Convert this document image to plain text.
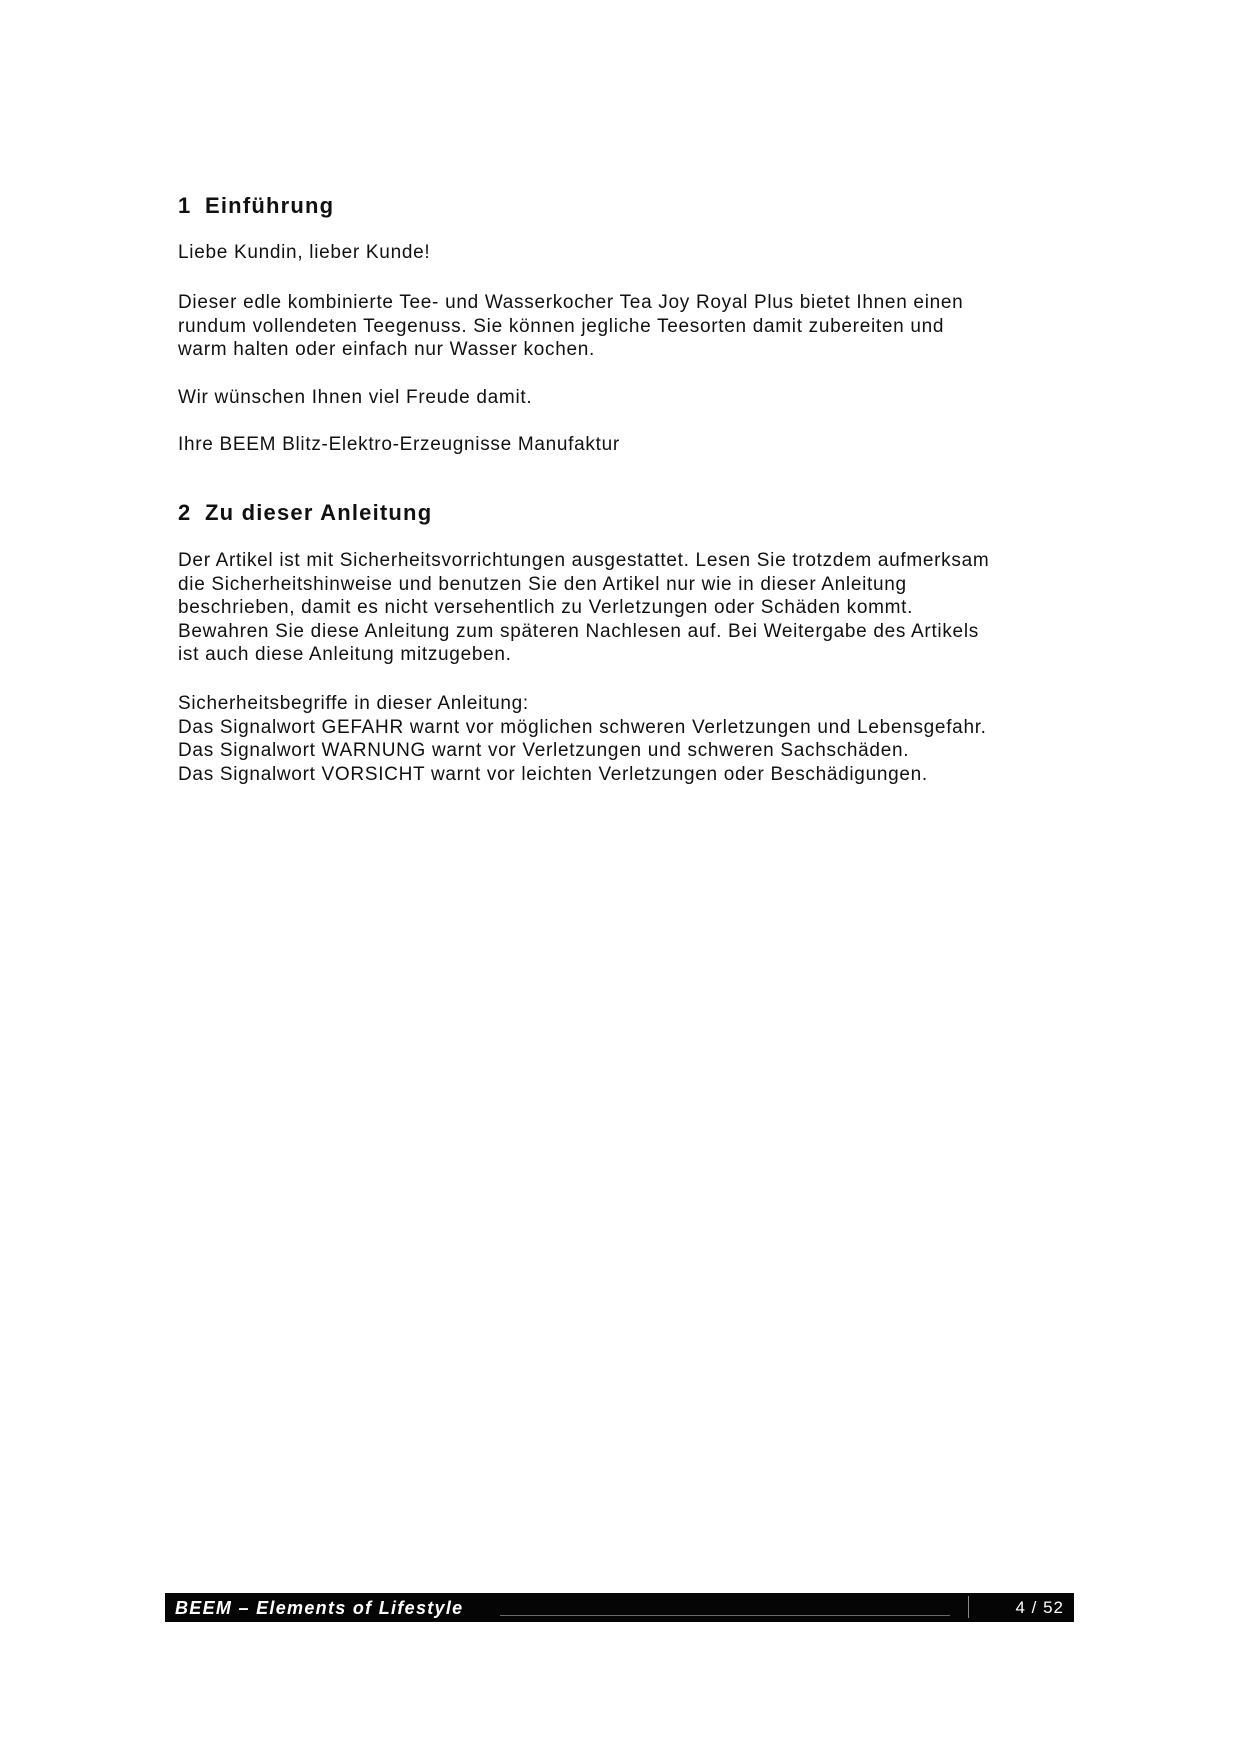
1 Einführung

Liebe Kundin, lieber Kunde!

Dieser edle kombinierte Tee- und Wasserkocher Tea Joy Royal Plus bietet Ihnen einen
rundum vollendeten Teegenuss. Sie können jegliche Teesorten damit zubereiten und
warm halten oder einfach nur Wasser kochen.

Wir wünschen Ihnen viel Freude damit.

Ihre BEEM Blitz-Elektro-Erzeugnisse Manufaktur

2 Zu dieser Anleitung

Der Artikel ist mit Sicherheitsvorrichtungen ausgestattet. Lesen Sie trotzdem aufmerksam
die Sicherheitshinweise und benutzen Sie den Artikel nur wie in dieser Anleitung
beschrieben, damit es nicht versehentlich zu Verletzungen oder Schäden kommt.
Bewahren Sie diese Anleitung zum späteren Nachlesen auf. Bei Weitergabe des Artikels
ist auch diese Anleitung mitzugeben.

Sicherheitsbegriffe in dieser Anleitung:
Das Signalwort GEFAHR warnt vor möglichen schweren Verletzungen und Lebensgefahr.
Das Signalwort WARNUNG warnt vor Verletzungen und schweren Sachschäden.
Das Signalwort VORSICHT warnt vor leichten Verletzungen oder Beschädigungen.

BEEM – Elements of Lifestyle	4 / 52
